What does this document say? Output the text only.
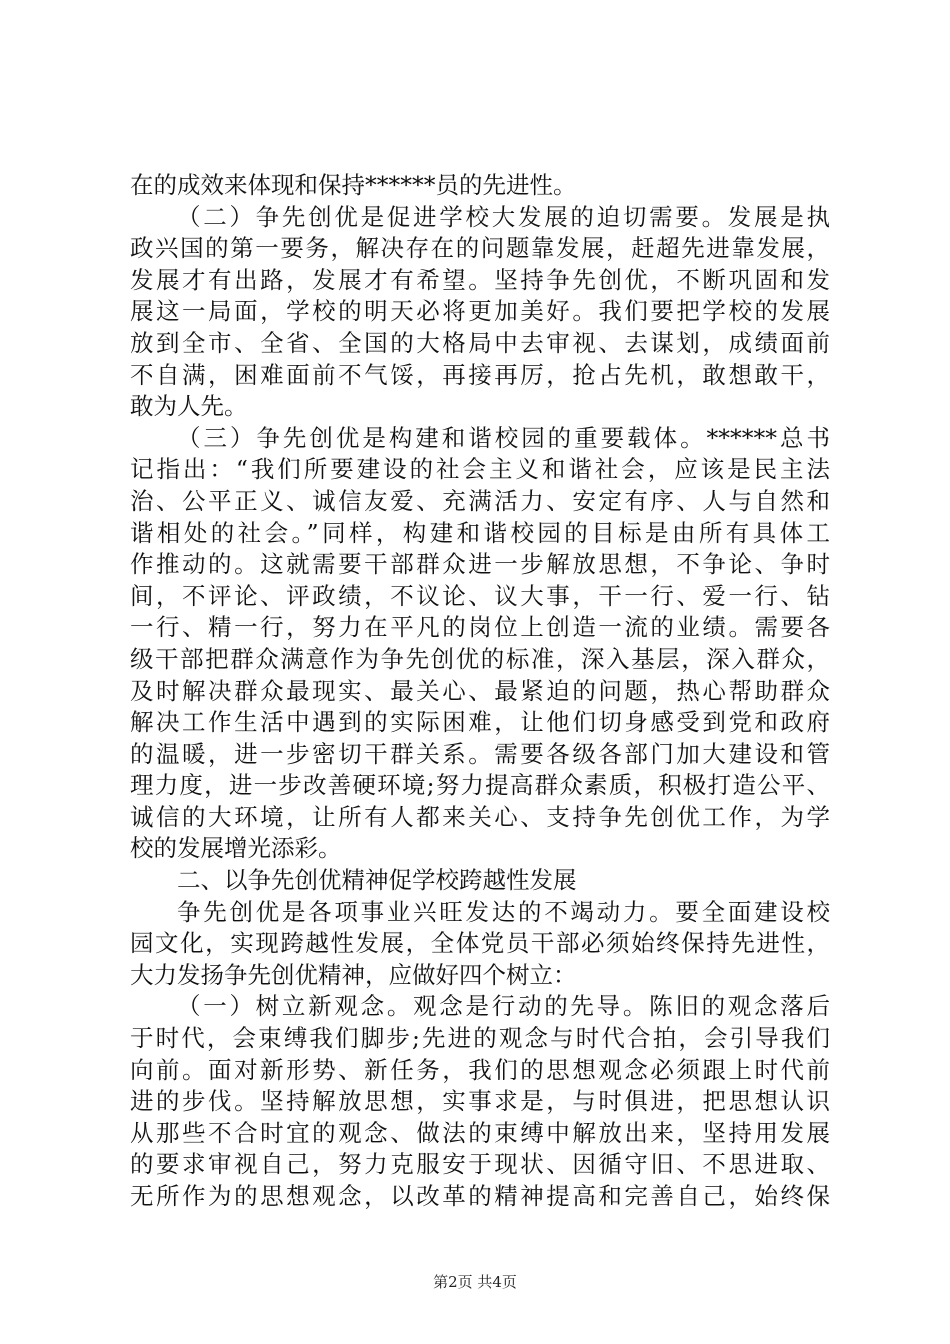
在的成效来体现和保持******员的先进性。
（二）争先创优是促进学校大发展的迫切需要。发展是执
政兴国的第一要务，解决存在的问题靠发展，赶超先进靠发展，
发展才有出路，发展才有希望。坚持争先创优，不断巩固和发
展这一局面，学校的明天必将更加美好。我们要把学校的发展
放到全市、全省、全国的大格局中去审视、去谋划，成绩面前
不自满，困难面前不气馁，再接再厉，抢占先机，敢想敢干，
敢为人先。
（三）争先创优是构建和谐校园的重要载体。******总书
记指出：“我们所要建设的社会主义和谐社会，应该是民主法
治、公平正义、诚信友爱、充满活力、安定有序、人与自然和
谐相处的社会。”同样，构建和谐校园的目标是由所有具体工
作推动的。这就需要干部群众进一步解放思想，不争论、争时
间，不评论、评政绩，不议论、议大事，干一行、爱一行、钻
一行、精一行，努力在平凡的岗位上创造一流的业绩。需要各
级干部把群众满意作为争先创优的标准，深入基层，深入群众，
及时解决群众最现实、最关心、最紧迫的问题，热心帮助群众
解决工作生活中遇到的实际困难，让他们切身感受到党和政府
的温暖，进一步密切干群关系。需要各级各部门加大建设和管
理力度，进一步改善硬环境;努力提高群众素质，积极打造公平、
诚信的大环境，让所有人都来关心、支持争先创优工作，为学
校的发展增光添彩。
二、以争先创优精神促学校跨越性发展
争先创优是各项事业兴旺发达的不竭动力。要全面建设校
园文化，实现跨越性发展，全体党员干部必须始终保持先进性，
大力发扬争先创优精神，应做好四个树立：
（一）树立新观念。观念是行动的先导。陈旧的观念落后
于时代，会束缚我们脚步;先进的观念与时代合拍，会引导我们
向前。面对新形势、新任务，我们的思想观念必须跟上时代前
进的步伐。坚持解放思想，实事求是，与时俱进，把思想认识
从那些不合时宜的观念、做法的束缚中解放出来，坚持用发展
的要求审视自己，努力克服安于现状、因循守旧、不思进取、
无所作为的思想观念，以改革的精神提高和完善自己，始终保
第2页 共4页
